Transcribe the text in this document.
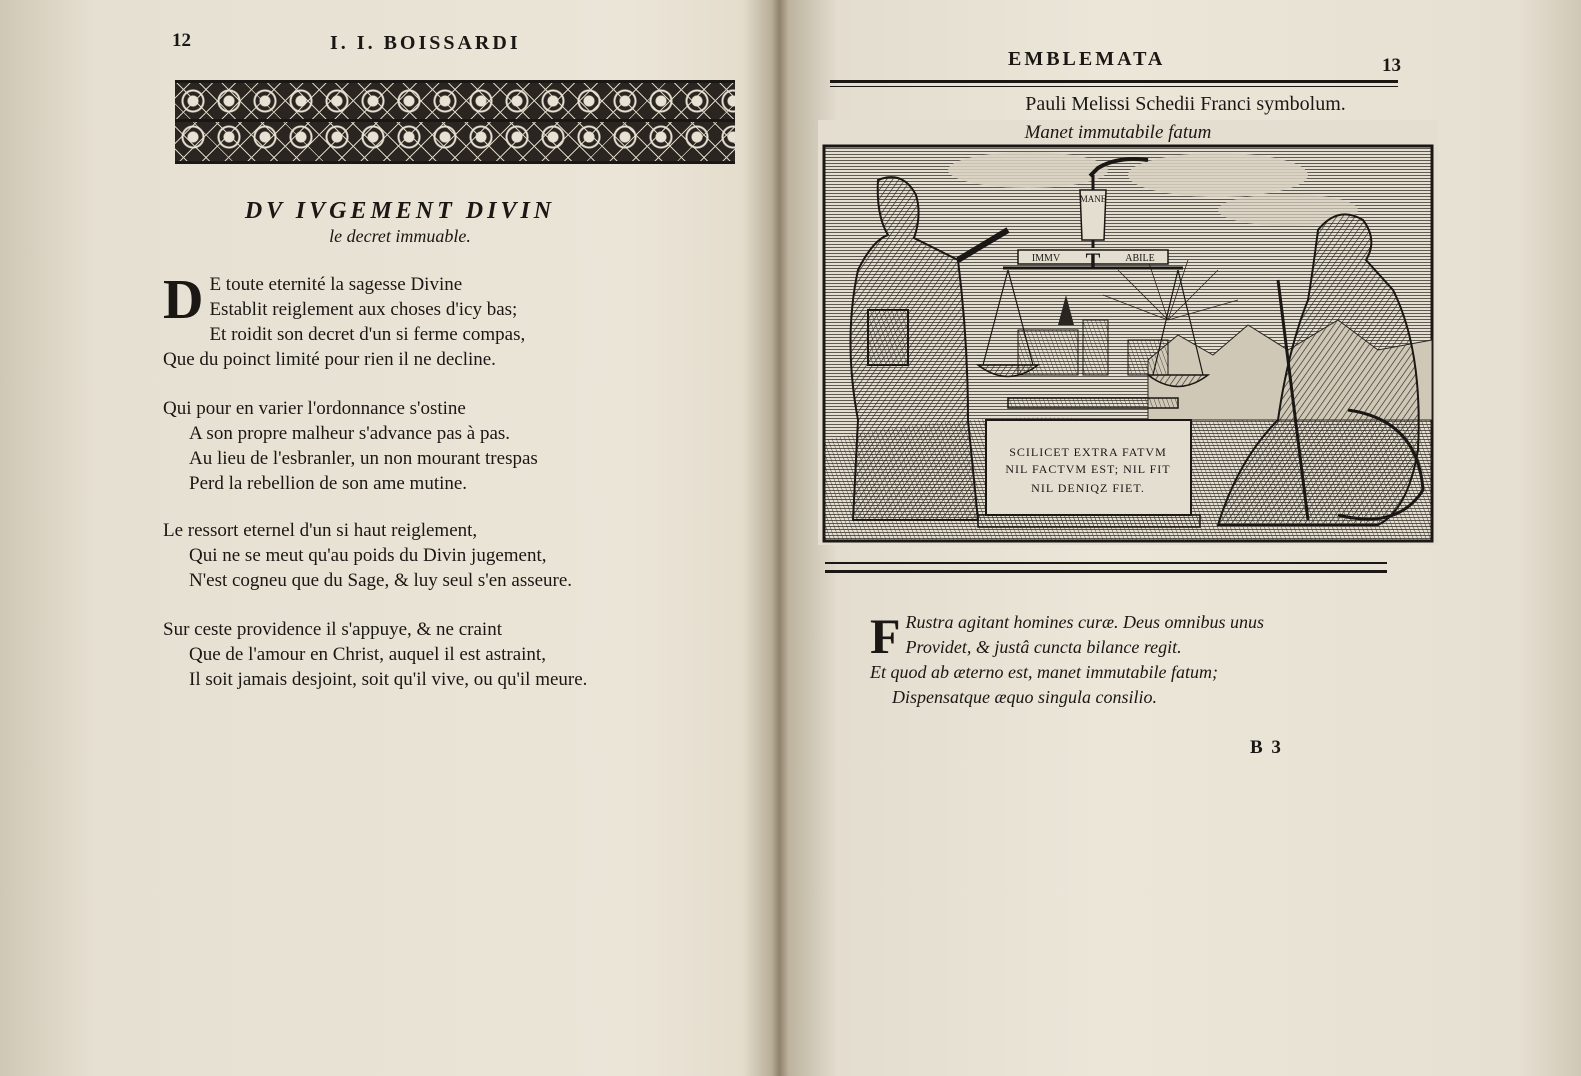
12	I. I. BOISSARDI
DV IVGEMENT DIVIN
le decret immuable.
D E toute eternité la sagesse Divine
Establit reiglement aux choses d'icy bas;
Et roidit son decret d'un si ferme compas,
Que du poinct limité pour rien il ne decline.
Qui pour en varier l'ordonnance s'ostine
A son propre malheur s'advance pas à pas.
Au lieu de l'esbranler, un non mourant trespas
Perd la rebellion de son ame mutine.
Le ressort eternel d'un si haut reiglement,
Qui ne se meut qu'au poids du Divin jugement,
N'est cogneu que du Sage, & luy seul s'en asseure.
Sur ceste providence il s'appuye, & ne craint
Que de l'amour en Christ, auquel il est astraint,
Il soit jamais desjoint, soit qu'il vive, ou qu'il meure.
EMBLEMATA	13
Pauli Melissi Schedii Franci symbolum.
Manet immutabile fatum
MANE
IMMV T ABILE
SCILICET EXTRA FATVM
NIL FACTVM EST; NIL FIT
NIL DENIQZ FIET.
F Rustra agitant homines curæ. Deus omnibus unus
Providet, & justâ cuncta bilance regit.
Et quod ab æterno est, manet immutabile fatum;
Dispensatque æquo singula consilio.
B 3
